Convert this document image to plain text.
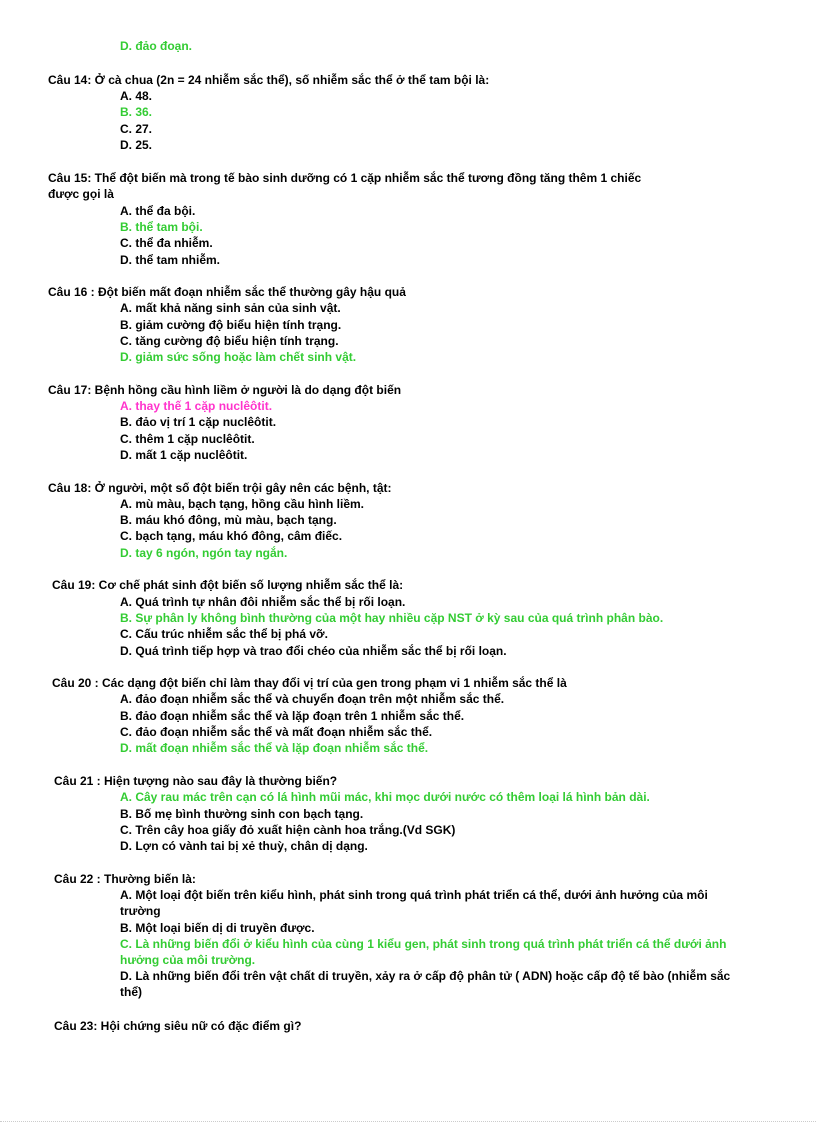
D. đảo đoạn.
Câu 14: Ở cà chua (2n = 24 nhiễm sắc thể), số nhiễm sắc thể ở thể tam bội là:
A. 48.
B. 36.
C. 27.
D. 25.
Câu 15: Thể đột biến mà trong tế bào sinh dưỡng có 1 cặp nhiễm sắc thể tương đồng tăng thêm 1 chiếc
được gọi là
A. thể đa bội.
B. thể tam bội.
C. thể đa nhiễm.
D. thể tam nhiễm.
Câu 16 : Đột biến mất đoạn nhiễm sắc thể thường gây hậu quả
A. mất khả năng sinh sản của sinh vật.
B. giảm cường độ biểu hiện tính trạng.
C. tăng cường độ biểu hiện tính trạng.
D. giảm sức sống hoặc làm chết sinh vật.
Câu 17: Bệnh hồng cầu hình liềm ở người là do dạng đột biến
A. thay thế 1 cặp nuclêôtit.
B. đảo vị trí 1 cặp nuclêôtit.
C. thêm 1 cặp nuclêôtit.
D. mất 1 cặp nuclêôtit.
Câu 18: Ở người, một số đột biến trội gây nên các bệnh, tật:
A. mù màu, bạch tạng, hồng cầu hình liềm.
B. máu khó đông, mù màu, bạch tạng.
C. bạch tạng, máu khó đông, câm điếc.
D. tay 6 ngón, ngón tay ngắn.
Câu 19: Cơ chế phát sinh đột biến số lượng nhiễm sắc thể là:
A. Quá trình tự nhân đôi nhiễm sắc thể bị rối loạn.
B. Sự phân ly không bình thường của một hay nhiều cặp NST ở kỳ sau của quá trình phân bào.
C. Cấu trúc nhiễm sắc thể bị phá vỡ.
D. Quá trình tiếp hợp và trao đổi chéo của nhiễm sắc thể bị rối loạn.
Câu 20 : Các dạng đột biến chỉ làm thay đổi vị trí của gen trong phạm vi 1 nhiễm sắc thể là
A. đảo đoạn nhiễm sắc thể và chuyển đoạn trên một nhiễm sắc thể.
B. đảo đoạn nhiễm sắc thể và lặp đoạn trên 1 nhiễm sắc thể.
C. đảo đoạn nhiễm sắc thể và mất đoạn nhiễm sắc thể.
D. mất đoạn nhiễm sắc thể và lặp đoạn nhiễm sắc thể.
Câu 21 : Hiện tượng nào sau đây là thường biến?
A. Cây rau mác trên cạn có lá hình mũi mác, khi mọc dưới nước có thêm loại lá hình bản dài.
B. Bố mẹ bình thường sinh con bạch tạng.
C. Trên cây hoa giấy đỏ xuất hiện cành hoa trắng.(Vd SGK)
D. Lợn có vành tai bị xẻ thuỳ, chân dị dạng.
Câu 22 : Thường biến là:
A. Một loại đột biến trên kiểu hình, phát sinh trong quá trình phát triển cá thể, dưới ảnh hưởng của môi trường
B. Một loại biến dị di truyền được.
C. Là những biến đổi ở kiểu hình của cùng 1 kiểu gen, phát sinh trong quá trình phát triển cá thể dưới ảnh hưởng của môi trường.
D. Là những biến đổi trên vật chất di truyền, xảy ra ở cấp độ phân tử ( ADN) hoặc cấp độ tế bào (nhiễm sắc thể)
Câu 23: Hội chứng siêu nữ có đặc điểm gì?
